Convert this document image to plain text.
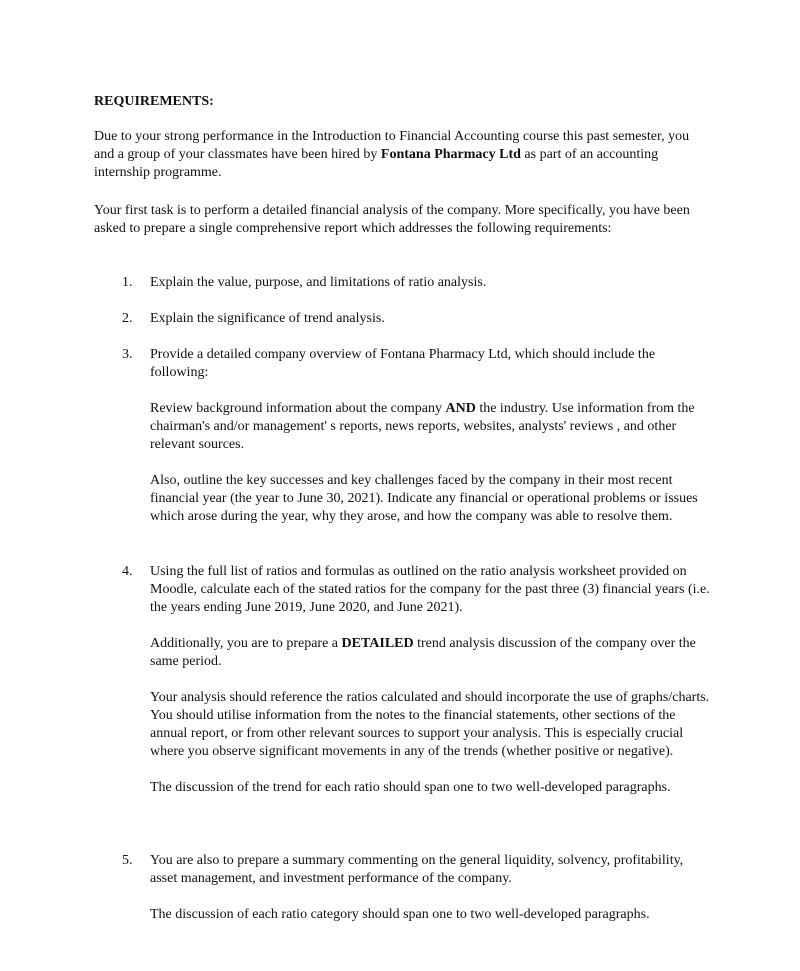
REQUIREMENTS:
Due to your strong performance in the Introduction to Financial Accounting course this past semester, you and a group of your classmates have been hired by Fontana Pharmacy Ltd as part of an accounting internship programme.
Your first task is to perform a detailed financial analysis of the company. More specifically, you have been asked to prepare a single comprehensive report which addresses the following requirements:
1.	Explain the value, purpose, and limitations of ratio analysis.

2.	Explain the significance of trend analysis.

3.	Provide a detailed company overview of Fontana Pharmacy Ltd, which should include the following:

Review background information about the company AND the industry. Use information from the chairman's and/or management' s reports, news reports, websites, analysts' reviews , and other relevant sources.

Also, outline the key successes and key challenges faced by the company in their most recent financial year (the year to June 30, 2021). Indicate any financial or operational problems or issues which arose during the year, why they arose, and how the company was able to resolve them.

4.	Using the full list of ratios and formulas as outlined on the ratio analysis worksheet provided on Moodle, calculate each of the stated ratios for the company for the past three (3) financial years (i.e. the years ending June 2019, June 2020, and June 2021).

Additionally, you are to prepare a DETAILED trend analysis discussion of the company over the same period.

Your analysis should reference the ratios calculated and should incorporate the use of graphs/charts. You should utilise information from the notes to the financial statements, other sections of the annual report, or from other relevant sources to support your analysis. This is especially crucial where you observe significant movements in any of the trends (whether positive or negative).

The discussion of the trend for each ratio should span one to two well-developed paragraphs.

5.	You are also to prepare a summary commenting on the general liquidity, solvency, profitability, asset management, and investment performance of the company.

The discussion of each ratio category should span one to two well-developed paragraphs.
